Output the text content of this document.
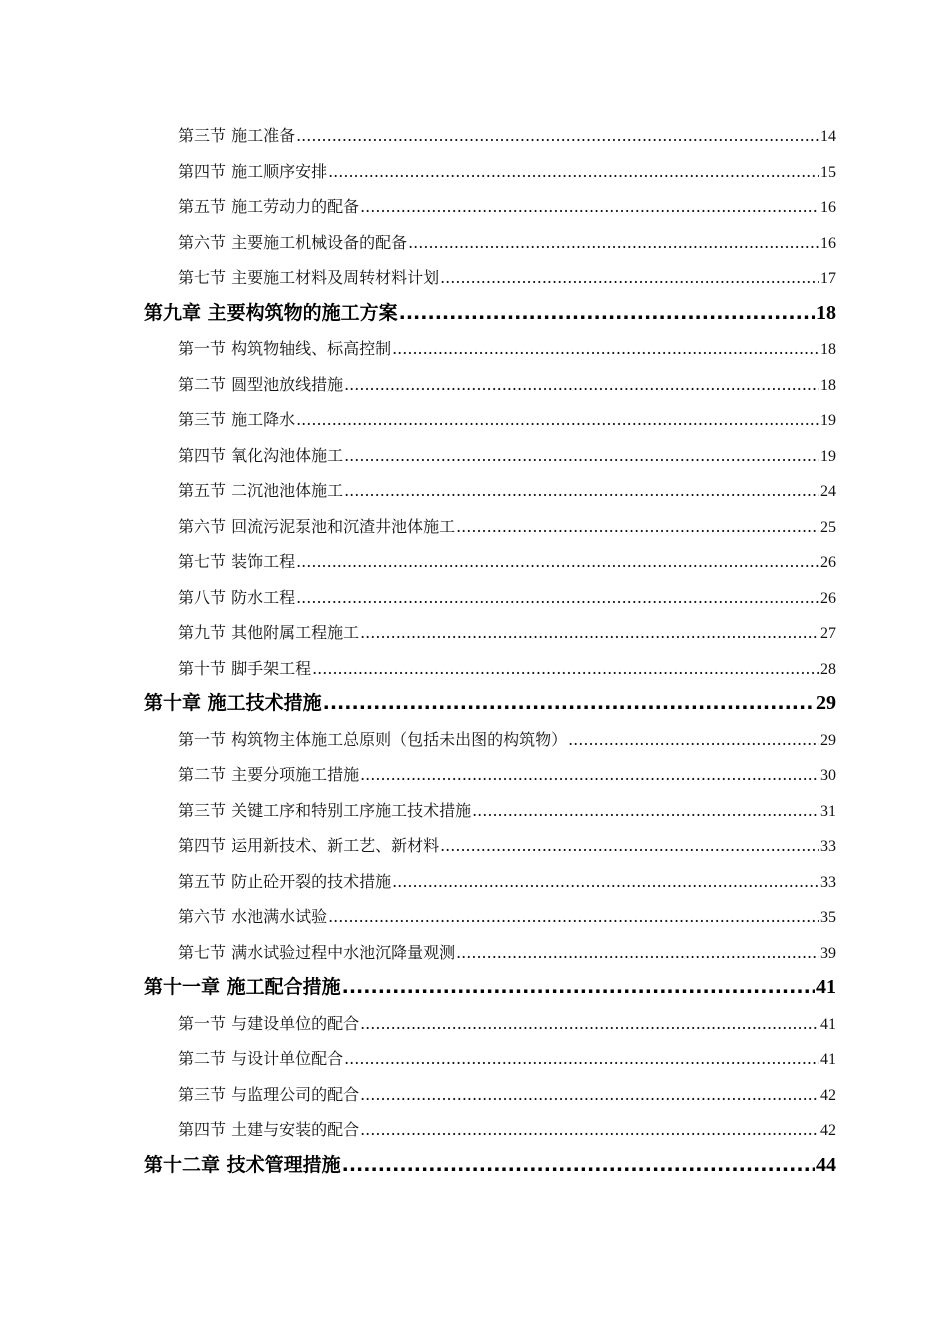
第三节 施工准备 .....	14
第四节 施工顺序安排 .....	15
第五节 施工劳动力的配备 .....	16
第六节 主要施工机械设备的配备 .....	16
第七节 主要施工材料及周转材料计划 .....	17
第九章 主要构筑物的施工方案 .....	18
第一节 构筑物轴线、标高控制 .....	18
第二节 圆型池放线措施 .....	18
第三节 施工降水 .....	19
第四节 氧化沟池体施工 .....	19
第五节 二沉池池体施工 .....	24
第六节 回流污泥泵池和沉渣井池体施工 .....	25
第七节 装饰工程 .....	26
第八节 防水工程 .....	26
第九节 其他附属工程施工 .....	27
第十节 脚手架工程 .....	28
第十章 施工技术措施 .....	29
第一节 构筑物主体施工总原则（包括未出图的构筑物） .....	29
第二节 主要分项施工措施 .....	30
第三节 关键工序和特别工序施工技术措施 .....	31
第四节 运用新技术、新工艺、新材料 .....	33
第五节 防止砼开裂的技术措施 .....	33
第六节 水池满水试验 .....	35
第七节 满水试验过程中水池沉降量观测 .....	39
第十一章 施工配合措施 .....	41
第一节 与建设单位的配合 .....	41
第二节 与设计单位配合 .....	41
第三节 与监理公司的配合 .....	42
第四节 土建与安装的配合 .....	42
第十二章 技术管理措施 .....	44
